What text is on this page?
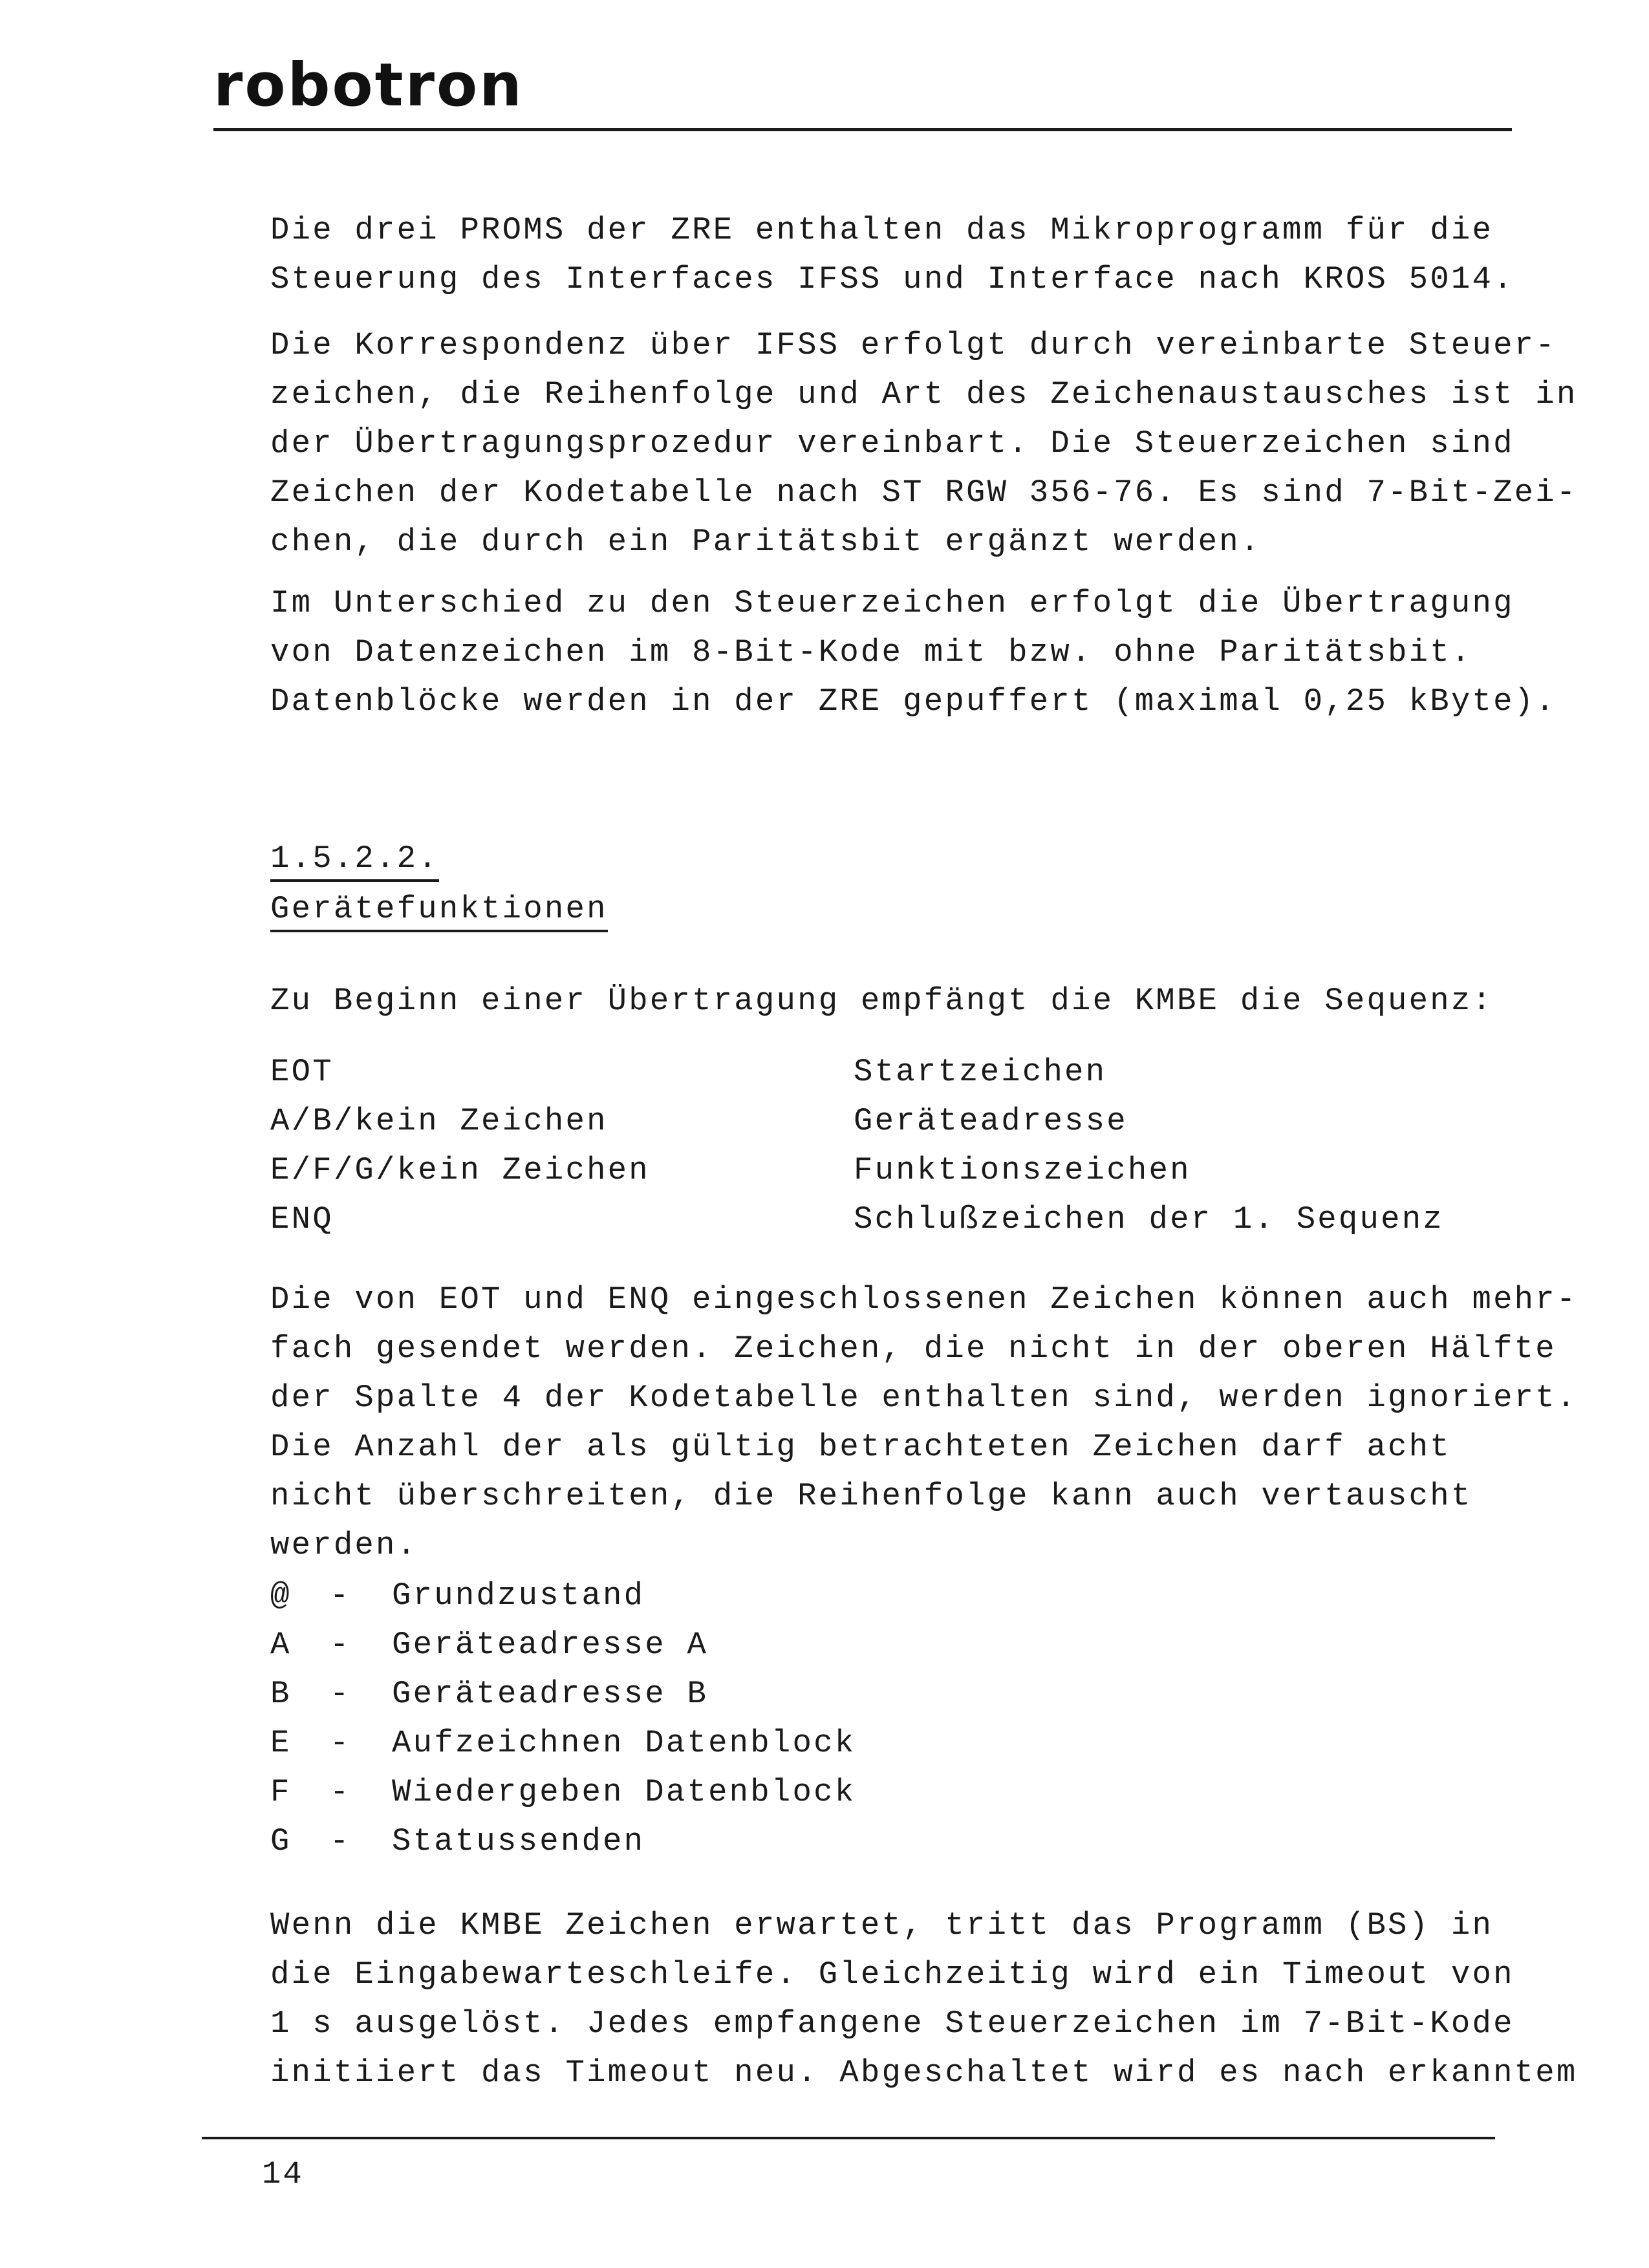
robotron
Die drei PROMS der ZRE enthalten das Mikroprogramm für die
Steuerung des Interfaces IFSS und Interface nach KROS 5014.
Die Korrespondenz über IFSS erfolgt durch vereinbarte Steuer-
zeichen, die Reihenfolge und Art des Zeichenaustausches ist in
der Übertragungsprozedur vereinbart. Die Steuerzeichen sind
Zeichen der Kodetabelle nach ST RGW 356-76. Es sind 7-Bit-Zei-
chen, die durch ein Paritätsbit ergänzt werden.
Im Unterschied zu den Steuerzeichen erfolgt die Übertragung
von Datenzeichen im 8-Bit-Kode mit bzw. ohne Paritätsbit.
Datenblöcke werden in der ZRE gepuffert (maximal 0,25 kByte).
1.5.2.2.
Gerätefunktionen
Zu Beginn einer Übertragung empfängt die KMBE die Sequenz:
EOT	Startzeichen
A/B/kein Zeichen	Geräteadresse
E/F/G/kein Zeichen	Funktionszeichen
ENQ	Schlußzeichen der 1. Sequenz
Die von EOT und ENQ eingeschlossenen Zeichen können auch mehr-
fach gesendet werden. Zeichen, die nicht in der oberen Hälfte
der Spalte 4 der Kodetabelle enthalten sind, werden ignoriert.
Die Anzahl der als gültig betrachteten Zeichen darf acht
nicht überschreiten, die Reihenfolge kann auch vertauscht
werden.
@ - Grundzustand
A - Geräteadresse A
B - Geräteadresse B
E - Aufzeichnen Datenblock
F - Wiedergeben Datenblock
G - Statussenden
Wenn die KMBE Zeichen erwartet, tritt das Programm (BS) in
die Eingabewarteschleife. Gleichzeitig wird ein Timeout von
1 s ausgelöst. Jedes empfangene Steuerzeichen im 7-Bit-Kode
initiiert das Timeout neu. Abgeschaltet wird es nach erkanntem
14
